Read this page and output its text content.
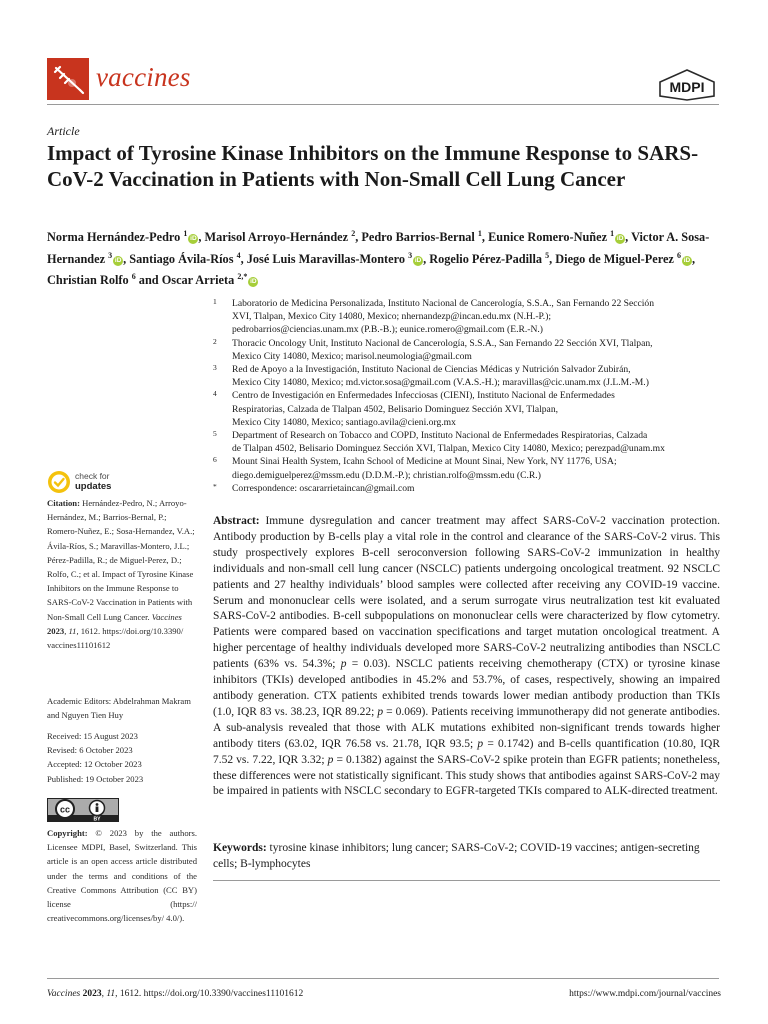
vaccines	MDPI
Article
Impact of Tyrosine Kinase Inhibitors on the Immune Response to SARS-CoV-2 Vaccination in Patients with Non-Small Cell Lung Cancer
Norma Hernández-Pedro $^1$iD , Marisol Arroyo-Hernández $^2$, Pedro Barrios-Bernal $^1$, Eunice Romero-Nuñez $^1$iD , Victor A. Sosa-Hernandez $^3$iD , Santiago Ávila-Ríos $^4$, José Luis Maravillas-Montero $^3$iD , Rogelio Pérez-Padilla $^5$, Diego de Miguel-Perez $^6$iD , Christian Rolfo $^6$ and Oscar Arrieta $^{2,*}$iD
1 Laboratorio de Medicina Personalizada, Instituto Nacional de Cancerología, S.S.A., San Fernando 22 Sección
XVI, Tlalpan, Mexico City 14080, Mexico; nhernandezp@incan.edu.mx (N.H.-P.);
pedrobarrios@ciencias.unam.mx (P.B.-B.); eunice.romero@gmail.com (E.R.-N.)
2 Thoracic Oncology Unit, Instituto Nacional de Cancerología, S.S.A., San Fernando 22 Sección XVI, Tlalpan,
Mexico City 14080, Mexico; marisol.neumologia@gmail.com
3 Red de Apoyo a la Investigación, Instituto Nacional de Ciencias Médicas y Nutrición Salvador Zubirán,
Mexico City 14080, Mexico; md.victor.sosa@gmail.com (V.A.S.-H.); maravillas@cic.unam.mx (J.L.M.-M.)
4 Centro de Investigación en Enfermedades Infecciosas (CIENI), Instituto Nacional de Enfermedades
Respiratorias, Calzada de Tlalpan 4502, Belisario Dominguez Sección XVI, Tlalpan,
Mexico City 14080, Mexico; santiago.avila@cieni.org.mx
5 Department of Research on Tobacco and COPD, Instituto Nacional de Enfermedades Respiratorias, Calzada
de Tlalpan 4502, Belisario Dominguez Sección XVI, Tlalpan, Mexico City 14080, Mexico; perezpad@unam.mx
6 Mount Sinai Health System, Icahn School of Medicine at Mount Sinai, New York, NY 11776, USA;
diego.demiguelperez@mssm.edu (D.D.M.-P.); christian.rolfo@mssm.edu (C.R.)
* Correspondence: oscararrietaincan@gmail.com
check for
updates
Citation: Hernández-Pedro, N.; Arroyo-Hernández, M.; Barrios-Bernal, P.; Romero-Nuñez, E.; Sosa-Hernandez, V.A.; Ávila-Ríos, S.; Maravillas-Montero, J.L.; Pérez-Padilla, R.; de Miguel-Perez, D.; Rolfo, C.; et al. Impact of Tyrosine Kinase Inhibitors on the Immune Response to SARS-CoV-2 Vaccination in Patients with Non-Small Cell Lung Cancer. Vaccines 2023, 11, 1612. https://doi.org/10.3390/ vaccines11101612
Academic Editors: Abdelrahman Makram and Nguyen Tien Huy
Received: 15 August 2023
Revised: 6 October 2023
Accepted: 12 October 2023
Published: 19 October 2023
cc
BY
Copyright: © 2023 by the authors. Licensee MDPI, Basel, Switzerland. This article is an open access article distributed under the terms and conditions of the Creative Commons Attribution (CC BY) license (https:// creativecommons.org/licenses/by/ 4.0/).
Abstract: Immune dysregulation and cancer treatment may affect SARS-CoV-2 vaccination protection. Antibody production by B-cells play a vital role in the control and clearance of the SARS-CoV-2 virus. This study prospectively explores B-cell seroconversion following SARS-CoV-2 immunization in healthy individuals and non-small cell lung cancer (NSCLC) patients undergoing oncological treatment. 92 NSCLC patients and 27 healthy individuals’ blood samples were collected after receiving any COVID-19 vaccine. Serum and mononuclear cells were isolated, and a serum surrogate virus neutralization test kit evaluated SARS-CoV-2 antibodies. B-cell subpopulations on mononuclear cells were characterized by flow cytometry. Patients were compared based on vaccination specifications and target mutation oncological treatment. A higher percentage of healthy individuals developed more SARS-CoV-2 neutralizing antibodies than NSCLC patients (63% vs. 54.3%; p = 0.03). NSCLC patients receiving chemotherapy (CTX) or tyrosine kinase inhibitors (TKIs) developed antibodies in 45.2% and 53.7%, of cases, respectively, showing an impaired antibody generation. CTX patients exhibited trends towards lower median antibody production than TKIs (1.0, IQR 83 vs. 38.23, IQR 89.22; p = 0.069). Patients receiving immunotherapy did not generate antibodies. A sub-analysis revealed that those with ALK mutations exhibited non-significant trends towards higher antibody titers (63.02, IQR 76.58 vs. 21.78, IQR 93.5; p = 0.1742) and B-cells quantification (10.80, IQR 7.52 vs. 7.22, IQR 3.32; p = 0.1382) against the SARS-CoV-2 spike protein than EGFR patients; nonetheless, these differences were not statistically significant. This study shows that antibodies against SARS-CoV-2 may be impaired in patients with NSCLC secondary to EGFR-targeted TKIs compared to ALK-directed treatment.
Keywords: tyrosine kinase inhibitors; lung cancer; SARS-CoV-2; COVID-19 vaccines; antigen-secreting cells; B-lymphocytes
Vaccines 2023, 11, 1612. https://doi.org/10.3390/vaccines11101612	https://www.mdpi.com/journal/vaccines
